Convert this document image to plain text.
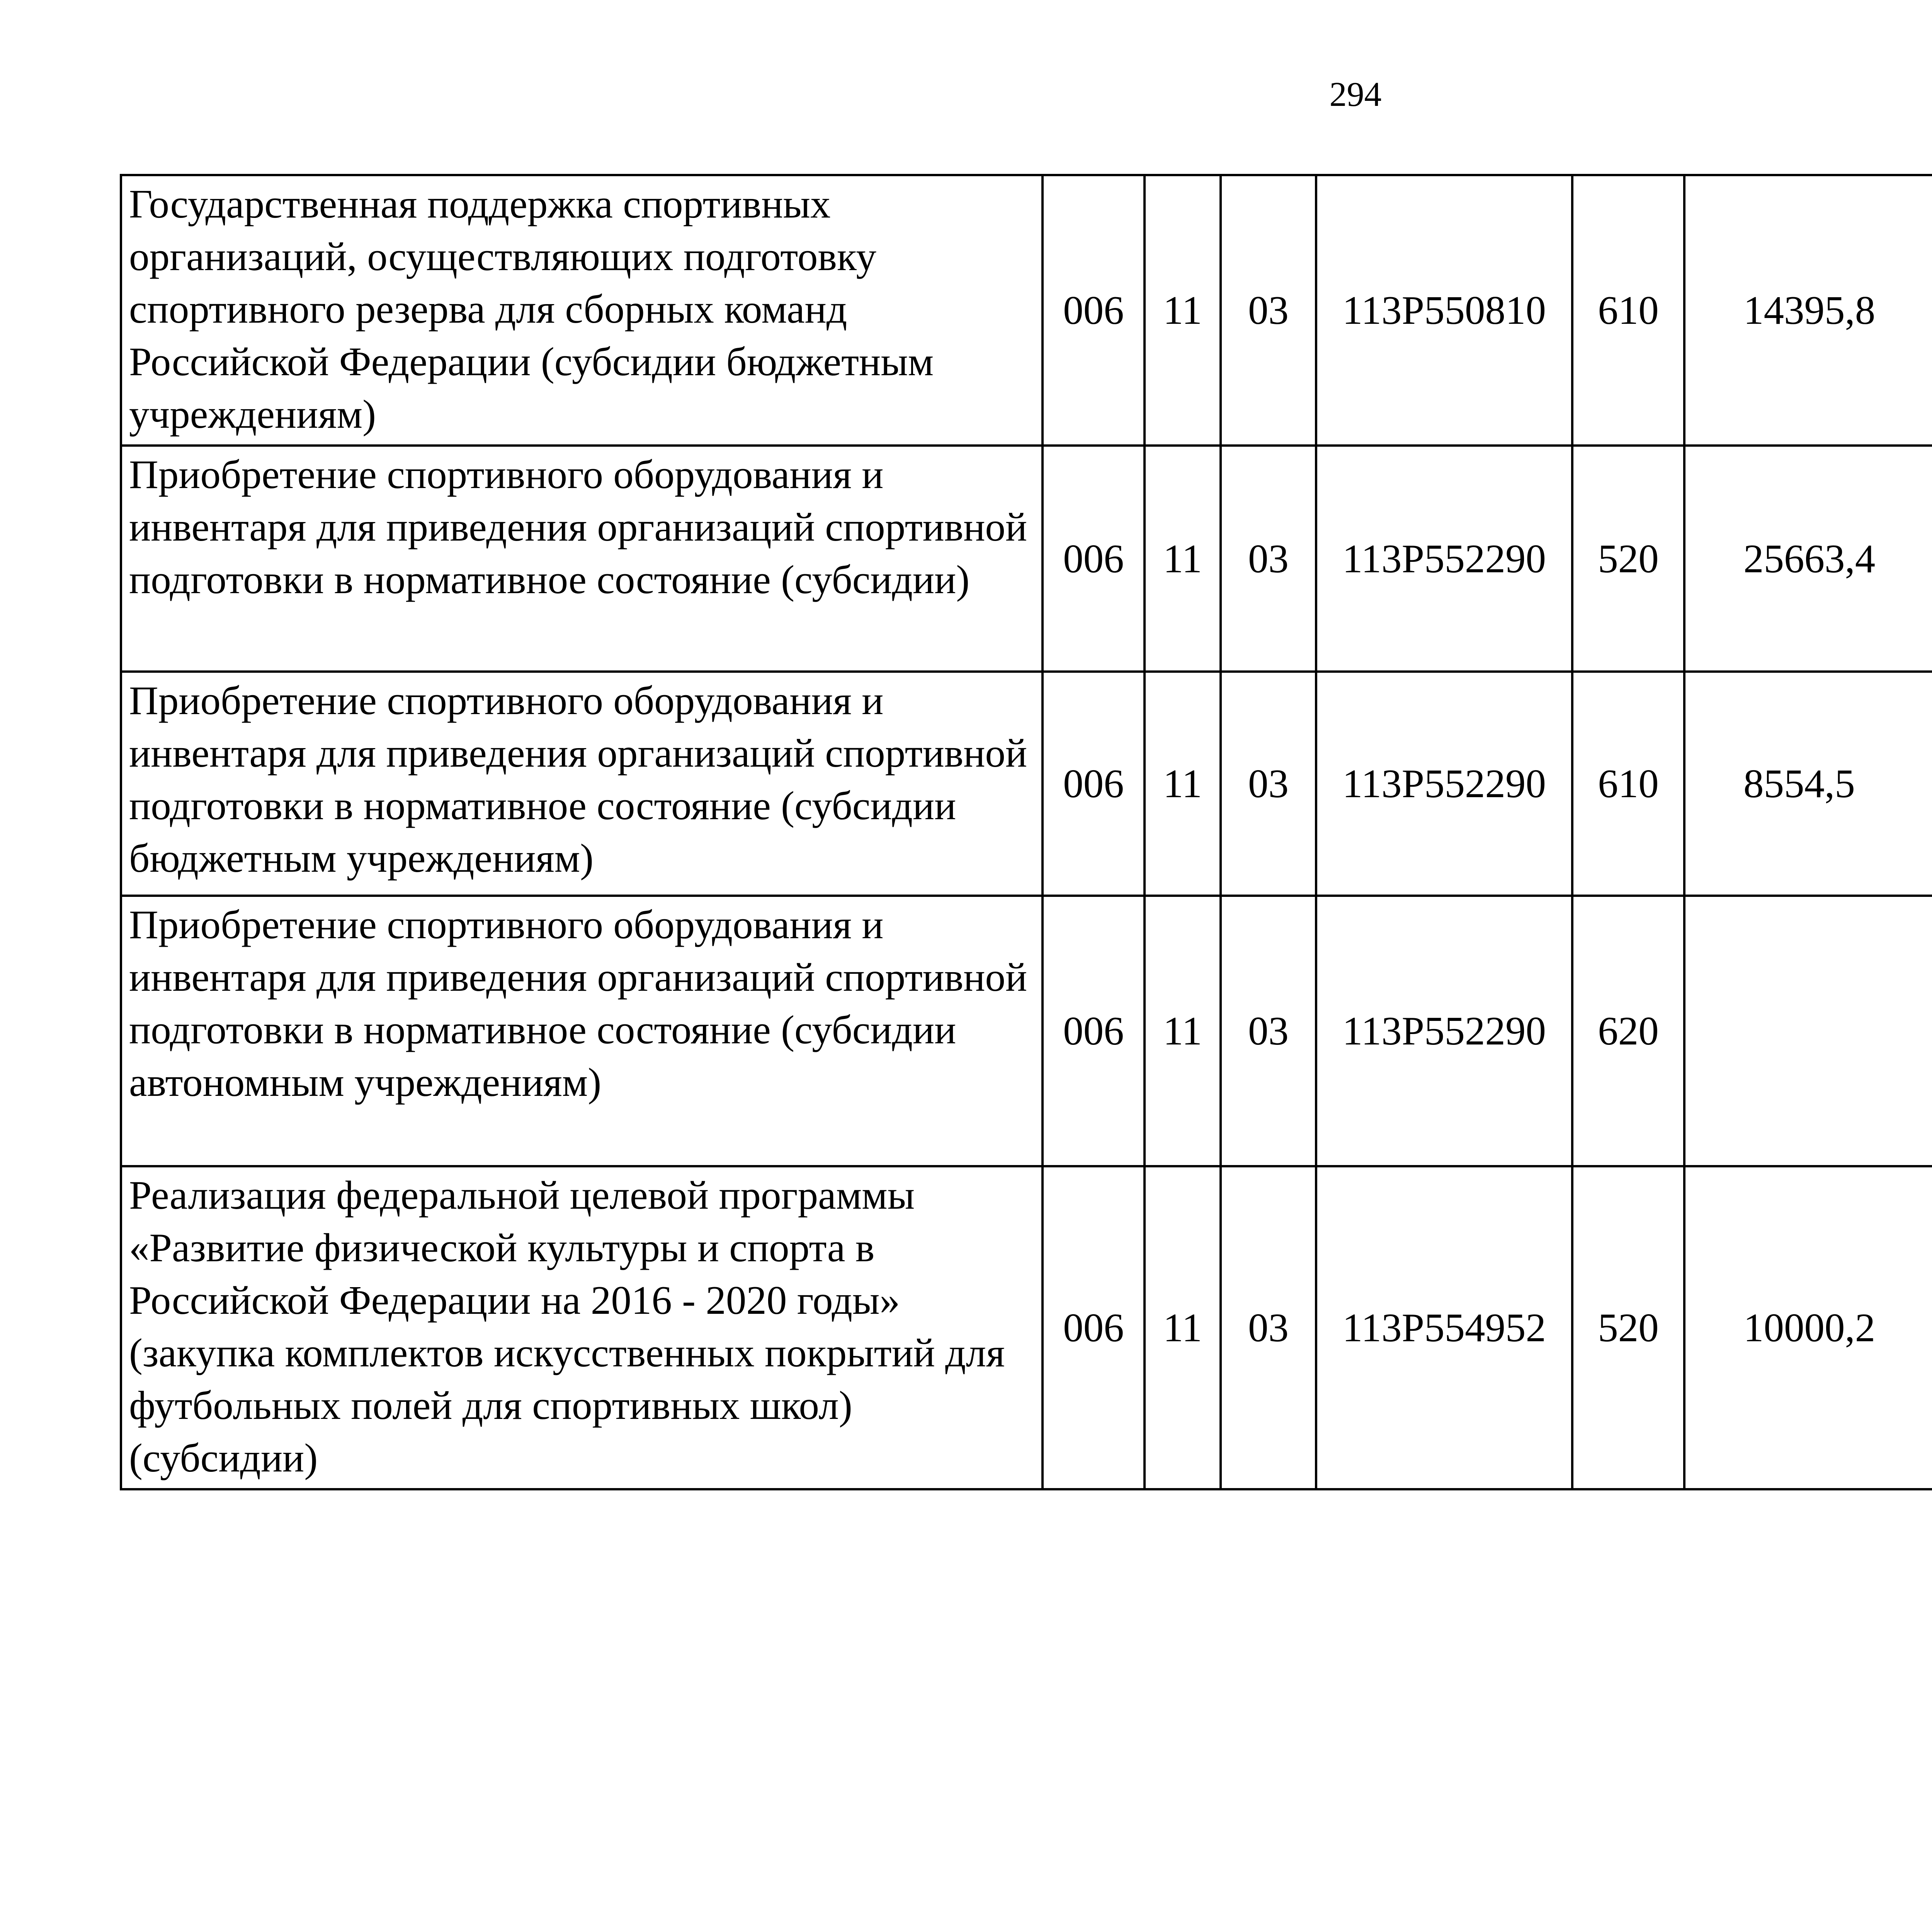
294
Государственная поддержка спортивных организаций, осуществляющих подготовку спортивного резерва для сборных команд Российской Федерации (субсидии бюджетным учреждениям)	006	11	03	113Р550810	610	14395,8		
Приобретение спортивного оборудования и инвентаря для приведения организаций спортивной подготовки в нормативное состояние (субсидии)	006	11	03	113Р552290	520	25663,4		
Приобретение спортивного оборудования и инвентаря для приведения организаций спортивной подготовки в нормативное состояние (субсидии бюджетным учреждениям)	006	11	03	113Р552290	610	8554,5		
Приобретение спортивного оборудования и инвентаря для приведения организаций спортивной подготовки в нормативное состояние (субсидии автономным учреждениям)	006	11	03	113Р552290	620			
Реализация федеральной целевой программы «Развитие физической культуры и спорта в Российской Федерации на 2016 - 2020 годы» (закупка комплектов искусственных покрытий для футбольных полей для спортивных школ) (субсидии)	006	11	03	113Р554952	520	10000,2		
